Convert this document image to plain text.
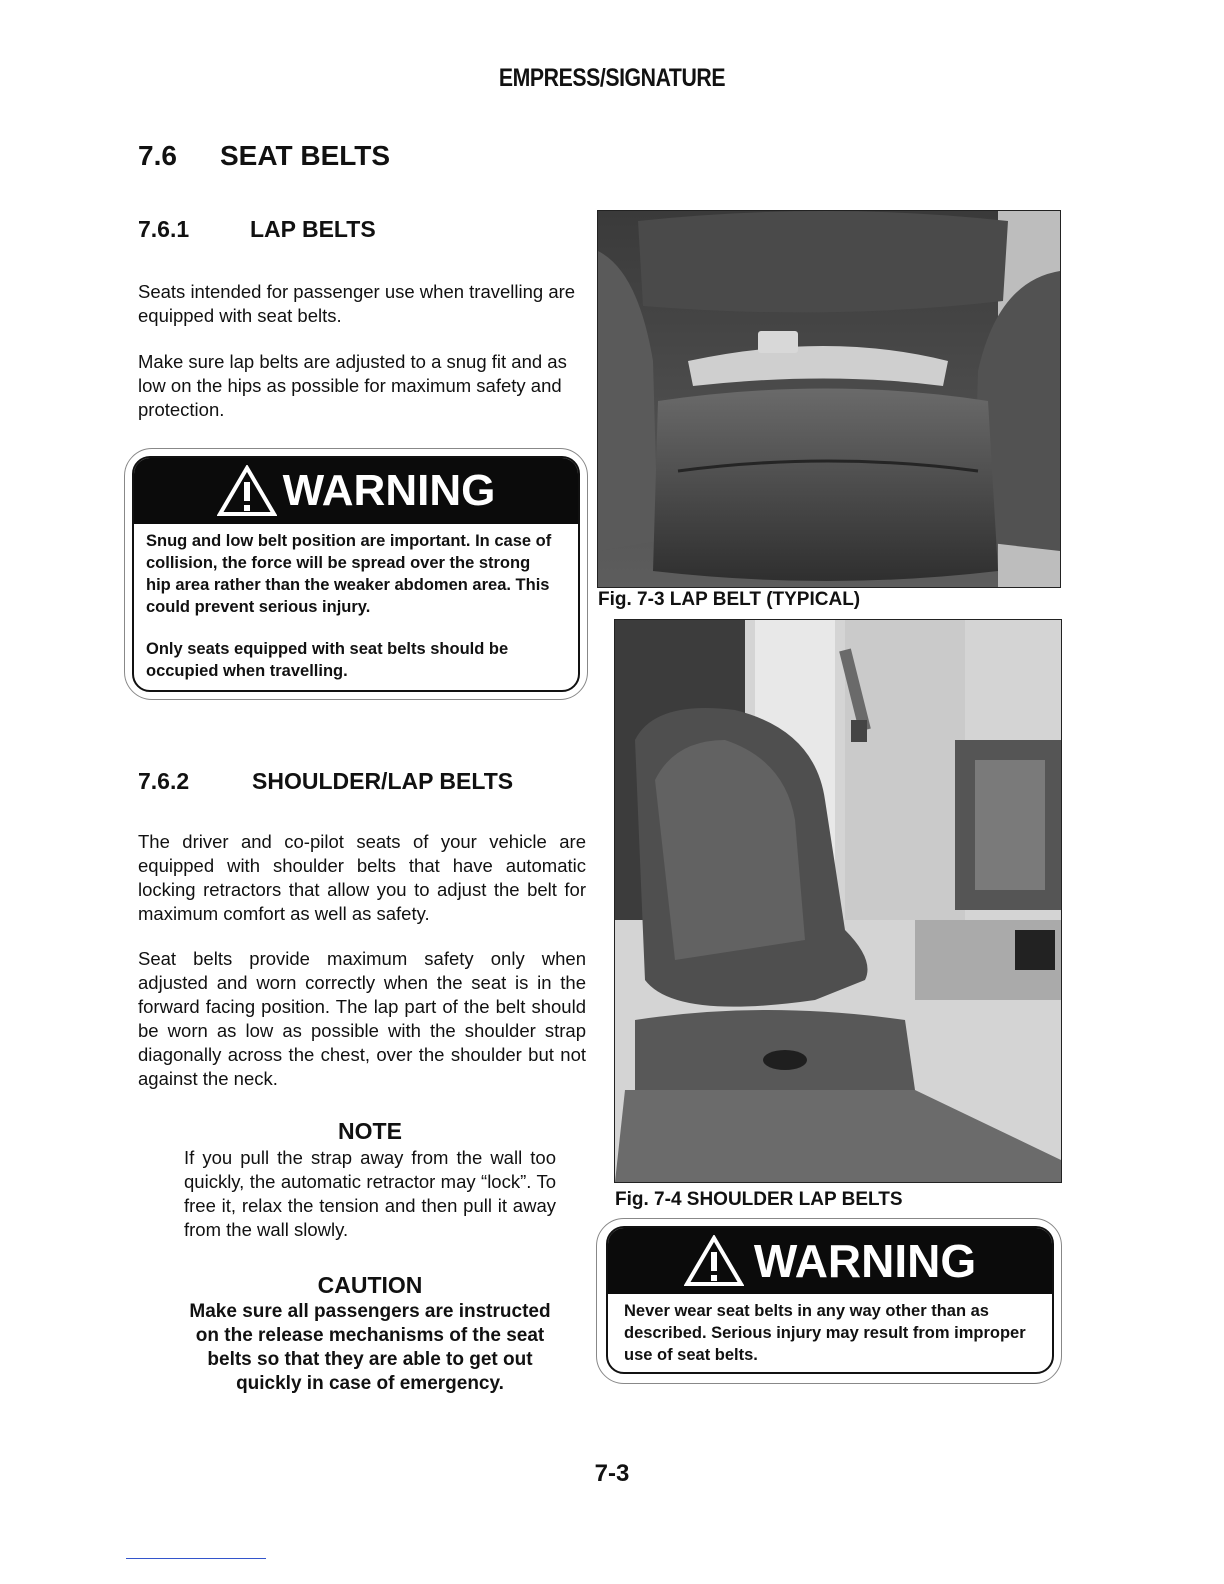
EMPRESS/SIGNATURE
7.6 SEAT BELTS
7.6.1	LAP BELTS
Seats intended for passenger use when travelling are equipped with seat belts.
Make sure lap belts are adjusted to a snug fit and as low on the hips as possible for maximum safety and protection.
WARNING
Snug and low belt position are important. In case of collision, the force will be spread over the strong hip area rather than the weaker abdomen area. This could prevent serious injury.
Only seats equipped with seat belts should be occupied when travelling.
7.6.2	SHOULDER/LAP BELTS
The driver and co-pilot seats of your vehicle are equipped with shoulder belts that have automatic locking retractors that allow you to adjust the belt for maximum comfort as well as safety.
Seat belts provide maximum safety only when adjusted and worn correctly when the seat is in the forward facing position. The lap part of the belt should be worn as low as possible with the shoulder strap diagonally across the chest, over the shoulder but not against the neck.
NOTE
If you pull the strap away from the wall too quickly, the automatic retractor may “lock”. To free it, relax the tension and then pull it away from the wall slowly.
CAUTION
Make sure all passengers are instructed on the release mechanisms of the seat belts so that they are able to get out quickly in case of emergency.
Fig. 7-3 LAP BELT (TYPICAL)
Fig. 7-4 SHOULDER LAP BELTS
WARNING
Never wear seat belts in any way other than as described. Serious injury may result from improper use of seat belts.
7-3
